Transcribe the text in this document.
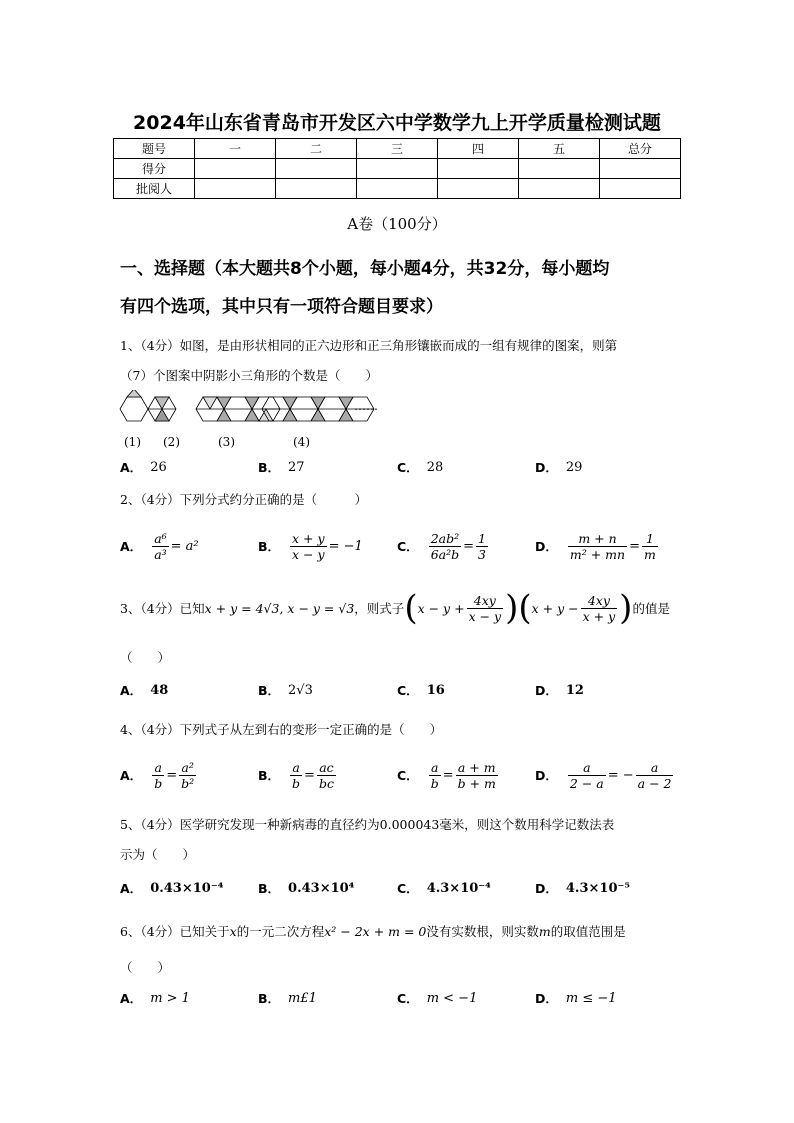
2024年山东省青岛市开发区六中学数学九上开学质量检测试题
题号	一	二	三	四	五	总分
得分						
批阅人						
A卷（100分）
一、选择题（本大题共8个小题，每小题4分，共32分，每小题均
有四个选项，其中只有一项符合题目要求）
1、（4分）如图，是由形状相同的正六边形和正三角形镶嵌而成的一组有规律的图案，则第
（7）个图案中阴影小三角形的个数是（　　）
(1) (2)	(3)	(4)
……
A． 26	B． 27	C． 28	D． 29
2、（4分）下列分式约分正确的是（　　　）
A． $\frac{\text{a⁶}}{\text{a³}} = a^2$	B． $\frac{x + y}{x - y} = -1$	C． $\frac{\text{2ab²}}{\text{6a²b}} = \frac{1}{3}$	D． $\frac{m + n}{\text{m² + mn}} = \frac{1}{m}$
3、（4分）已知 x + y = 4√3, x − y = √3 ，则式子 ( $x - y + \frac{4xy}{x - y}$ ) ( $x + y - \frac{4xy}{x + y}$ ) 的值是
（　　）
A． 48	B． 2√3	C． 16	D． 12
4、（4分）下列式子从左到右的变形一定正确的是（　　）
A． $\frac{a}{b} = \frac{\text{a²}}{\text{b²}}$	B． $\frac{a}{b} = \frac{ac}{bc}$	C． $\frac{a}{b} = \frac{a + m}{b + m}$	D． $\frac{a}{2 - a}$ = − $\frac{a}{a - 2}$
5、（4分）医学研究发现一种新病毒的直径约为0.000043毫米，则这个数用科学记数法表
示为（　　）
A． 0.43×10⁻⁴	B． 0.43×10⁴	C． 4.3×10⁻⁴	D． 4.3×10⁻⁵
6、（4分）已知关于x的一元二次方程x² − 2x + m = 0没有实数根，则实数m的取值范围是
（　　）
A． m > 1	B． m£1	C． m < −1	D． m ≤ −1
